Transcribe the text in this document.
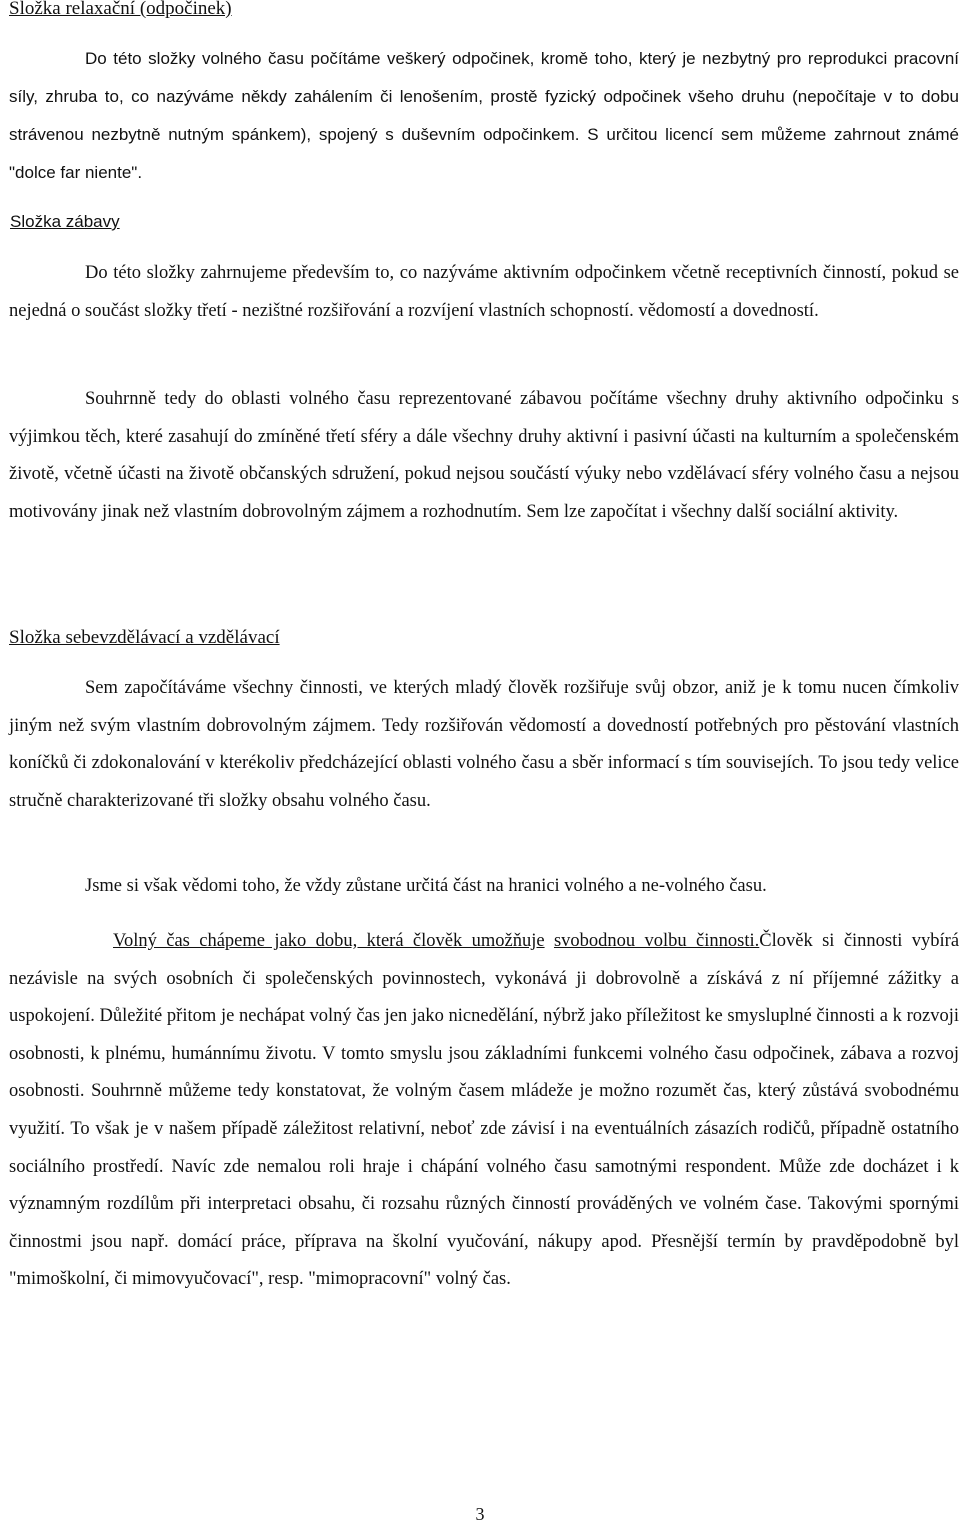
Složka relaxační (odpočinek)

Do této složky volného času počítáme veškerý odpočinek, kromě toho, který je nezbytný pro reprodukci pracovní síly, zhruba to, co nazýváme někdy zahálením či lenošením, prostě fyzický odpočinek všeho druhu (nepočítaje v to dobu strávenou nezbytně nutným spánkem), spojený s duševním odpočinkem. S určitou licencí sem můžeme zahrnout známé "dolce far niente".

Složka zábavy

Do této složky zahrnujeme především to, co nazýváme aktivním odpočinkem včetně receptivních činností, pokud se nejedná o součást složky třetí - nezištné rozšiřování a rozvíjení vlastních schopností. vědomostí a dovedností.

Souhrnně tedy do oblasti volného času reprezentované zábavou počítáme všechny druhy aktivního odpočinku s výjimkou těch, které zasahují do zmíněné třetí sféry a dále všechny druhy aktivní i pasivní účasti na kulturním a společenském životě, včetně účasti na životě občanských sdružení, pokud nejsou součástí výuky nebo vzdělávací sféry volného času a nejsou motivovány jinak než vlastním dobrovolným zájmem a rozhodnutím. Sem lze započítat i všechny další sociální aktivity.

Složka sebevzdělávací a vzdělávací

Sem započítáváme všechny činnosti, ve kterých mladý člověk rozšiřuje svůj obzor, aniž je k tomu nucen čímkoliv jiným než svým vlastním dobrovolným zájmem. Tedy rozšiřován vědomostí a dovedností potřebných pro pěstování vlastních koníčků či zdokonalování v kterékoliv předcházející oblasti volného času a sběr informací s tím souvisejích. To jsou tedy velice stručně charakterizované tři složky obsahu volného času.

Jsme si však vědomi toho, že vždy zůstane určitá část na hranici volného a ne-volného času.

Volný čas chápeme jako dobu, která člověk umožňuje svobodnou volbu činnosti.Člověk si činnosti vybírá nezávisle na svých osobních či společenských povinnostech, vykonává ji dobrovolně a získává z ní příjemné zážitky a uspokojení. Důležité přitom je nechápat volný čas jen jako nicnedělání, nýbrž jako příležitost ke smysluplné činnosti a k rozvoji osobnosti, k plnému, humánnímu životu. V tomto smyslu jsou základními funkcemi volného času odpočinek, zábava a rozvoj osobnosti. Souhrnně můžeme tedy konstatovat, že volným časem mládeže je možno rozumět čas, který zůstává svobodnému využití. To však je v našem případě záležitost relativní, neboť zde závisí i na eventuálních zásazích rodičů, případně ostatního sociálního prostředí. Navíc zde nemalou roli hraje i chápání volného času samotnými respondent. Může zde docházet i k významným rozdílům při interpretaci obsahu, či rozsahu různých činností prováděných ve volném čase. Takovými spornými činnostmi jsou např. domácí práce, příprava na školní vyučování, nákupy apod. Přesnější termín by pravděpodobně byl "mimoškolní, či mimovyučovací", resp. "mimopracovní" volný čas.

3
